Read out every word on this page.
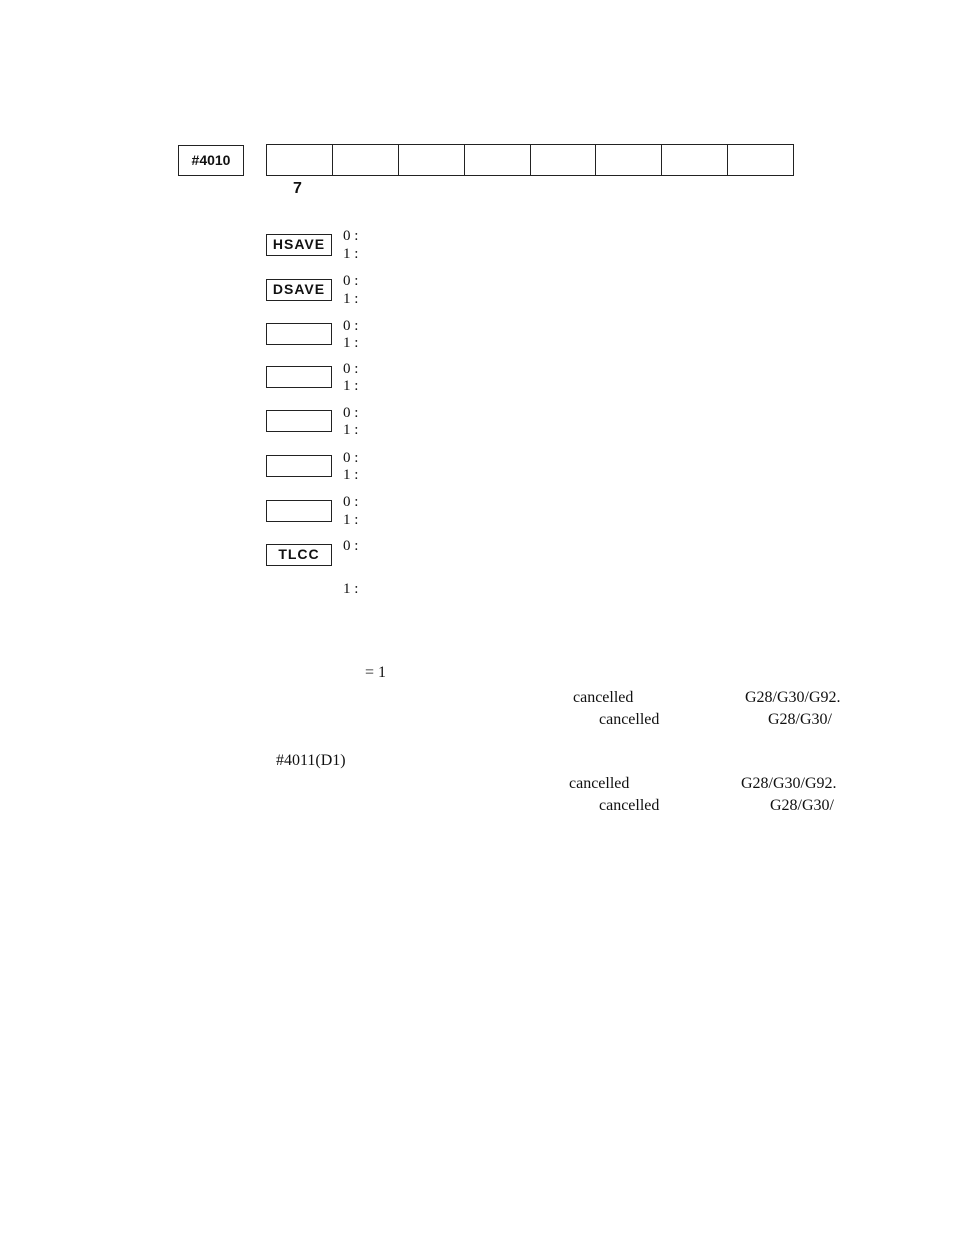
#4010
7
HSAVE	0 :
1 :
DSAVE	0 :
1 :
0 :
1 :
0 :
1 :
0 :
1 :
0 :
1 :
0 :
1 :
TLCC	0 :
1 :
= 1
cancelled	G28/G30/G92.
cancelled	G28/G30/
#4011(D1)
cancelled	G28/G30/G92.
cancelled	G28/G30/
